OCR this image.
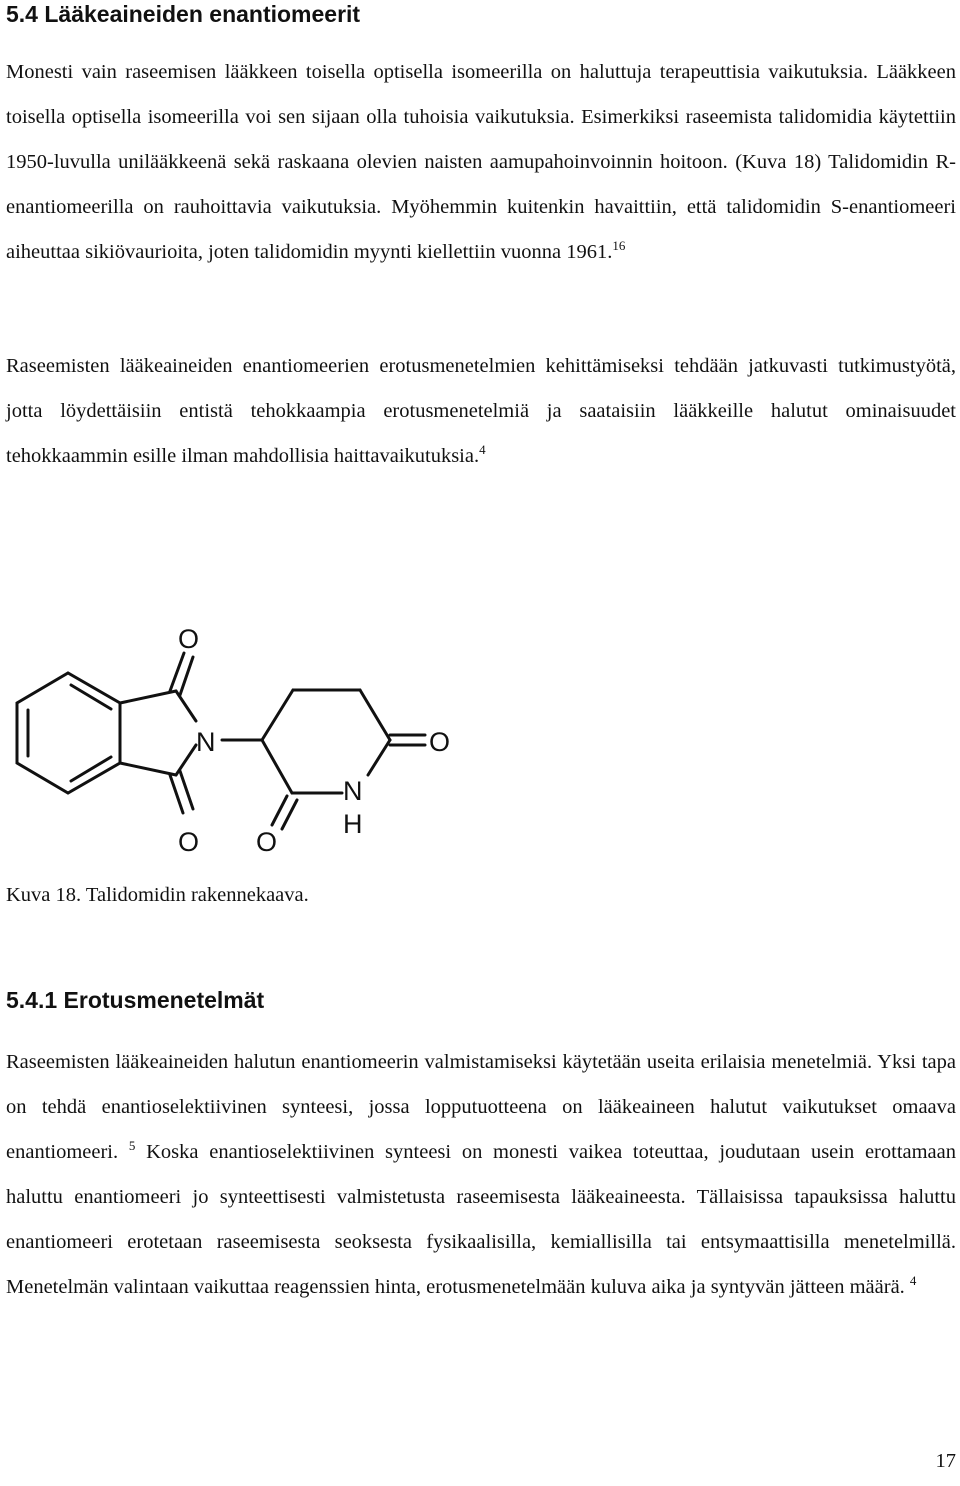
5.4 Lääkeaineiden enantiomeerit

Monesti vain raseemisen lääkkeen toisella optisella isomeerilla on haluttuja terapeuttisia vaikutuksia. Lääkkeen toisella optisella isomeerilla voi sen sijaan olla tuhoisia vaikutuksia. Esimerkiksi raseemista talidomidia käytettiin 1950-luvulla unilääkkeenä sekä raskaana olevien naisten aamupahoinvoinnin hoitoon. (Kuva 18) Talidomidin R-enantiomeerilla on rauhoittavia vaikutuksia. Myöhemmin kuitenkin havaittiin, että talidomidin S-enantiomeeri aiheuttaa sikiövaurioita, joten talidomidin myynti kiellettiin vuonna 1961.16

Raseemisten lääkeaineiden enantiomeerien erotusmenetelmien kehittämiseksi tehdään jatkuvasti tutkimustyötä, jotta löydettäisiin entistä tehokkaampia erotusmenetelmiä ja saataisiin lääkkeille halutut ominaisuudet tehokkaammin esille ilman mahdollisia haittavaikutuksia.$^4$

O
N
O
O
N
H
O
Kuva 18. Talidomidin rakennekaava.
5.4.1 Erotusmenetelmät

Raseemisten lääkeaineiden halutun enantiomeerin valmistamiseksi käytetään useita erilaisia menetelmiä. Yksi tapa on tehdä enantioselektiivinen synteesi, jossa lopputuotteena on lääkeaineen halutut vaikutukset omaava enantiomeeri. $^5$ Koska enantioselektiivinen synteesi on monesti vaikea toteuttaa, joudutaan usein erottamaan haluttu enantiomeeri jo synteettisesti valmistetusta raseemisesta lääkeaineesta. Tällaisissa tapauksissa haluttu enantiomeeri erotetaan raseemisesta seoksesta fysikaalisilla, kemiallisilla tai entsymaattisilla menetelmillä. Menetelmän valintaan vaikuttaa reagenssien hinta, erotusmenetelmään kuluva aika ja syntyvän jätteen määrä. $^4$

17
